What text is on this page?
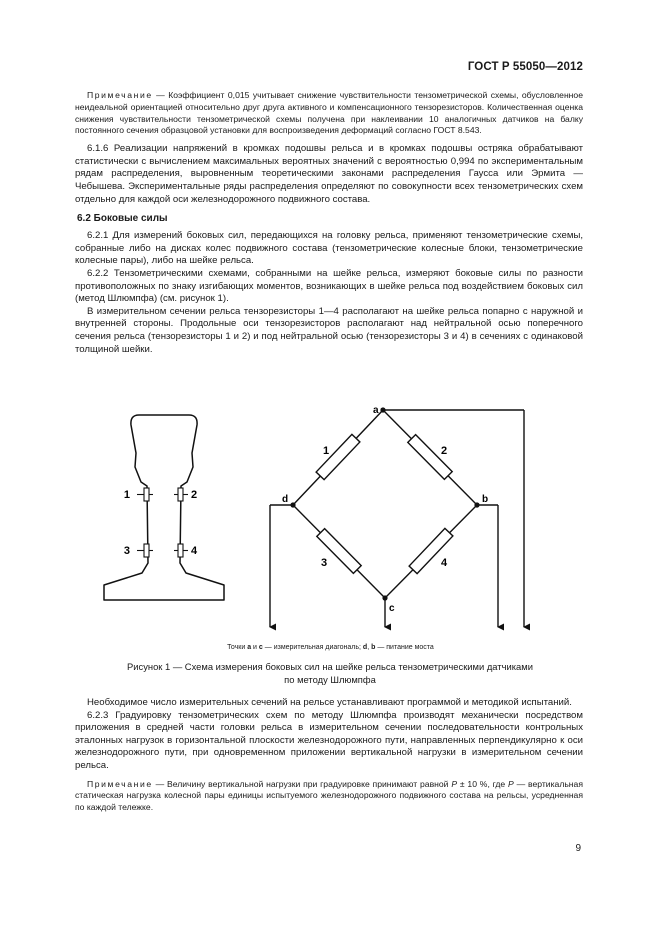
ГОСТ Р 55050—2012

Примечание — Коэффициент 0,015 учитывает снижение чувствительности тензометрической схемы, обусловленное неидеальной ориентацией относительно друг друга активного и компенсационного тензорезисторов. Количественная оценка снижения чувствительности тензометрической схемы получена при наклеивании 10 аналогичных датчиков на балку постоянного сечения образцовой установки для воспроизведения деформаций согласно ГОСТ 8.543.

6.1.6 Реализации напряжений в кромках подошвы рельса и в кромках подошвы остряка обрабатывают статистически с вычислением максимальных вероятных значений с вероятностью 0,994 по экспериментальным рядам распределения, выровненным теоретическими законами распределения Гаусса или Эрмита — Чебышева. Экспериментальные ряды распределения определяют по совокупности всех тензометрических схем отдельно для каждой оси железнодорожного подвижного состава.

6.2 Боковые силы

6.2.1 Для измерений боковых сил, передающихся на головку рельса, применяют тензометрические схемы, собранные либо на дисках колес подвижного состава (тензометрические колесные блоки, тензометрические колесные пары), либо на шейке рельса.

6.2.2 Тензометрическими схемами, собранными на шейке рельса, измеряют боковые силы по разности противоположных по знаку изгибающих моментов, возникающих в шейке рельса под воздействием боковых сил (метод Шлюмпфа) (см. рисунок 1).

В измерительном сечении рельса тензорезисторы 1—4 располагают на шейке рельса попарно с наружной и внутренней стороны. Продольные оси тензорезисторов располагают над нейтральной осью поперечного сечения рельса (тензорезисторы 1 и 2) и под нейтральной осью (тензорезисторы 3 и 4) в сечениях с одинаковой толщиной шейки.

1	2
3	4
a
b
c
d
1	2
3	4
Точки a и c — измерительная диагональ; d, b — питание моста
Рисунок 1 — Схема измерения боковых сил на шейке рельса тензометрическими датчиками
по методу Шлюмпфа

Необходимое число измерительных сечений на рельсе устанавливают программой и методикой испытаний.

6.2.3 Градуировку тензометрических схем по методу Шлюмпфа производят механически посредством приложения в средней части головки рельса в измерительном сечении последовательности контрольных эталонных нагрузок в горизонтальной плоскости железнодорожного пути, направленных перпендикулярно к оси железнодорожного пути, при одновременном приложении вертикальной нагрузки в измерительном сечении рельса.

Примечание — Величину вертикальной нагрузки при градуировке принимают равной P ± 10 %, где P — вертикальная статическая нагрузка колесной пары единицы испытуемого железнодорожного подвижного состава на рельсы, усредненная по каждой тележке.

9
